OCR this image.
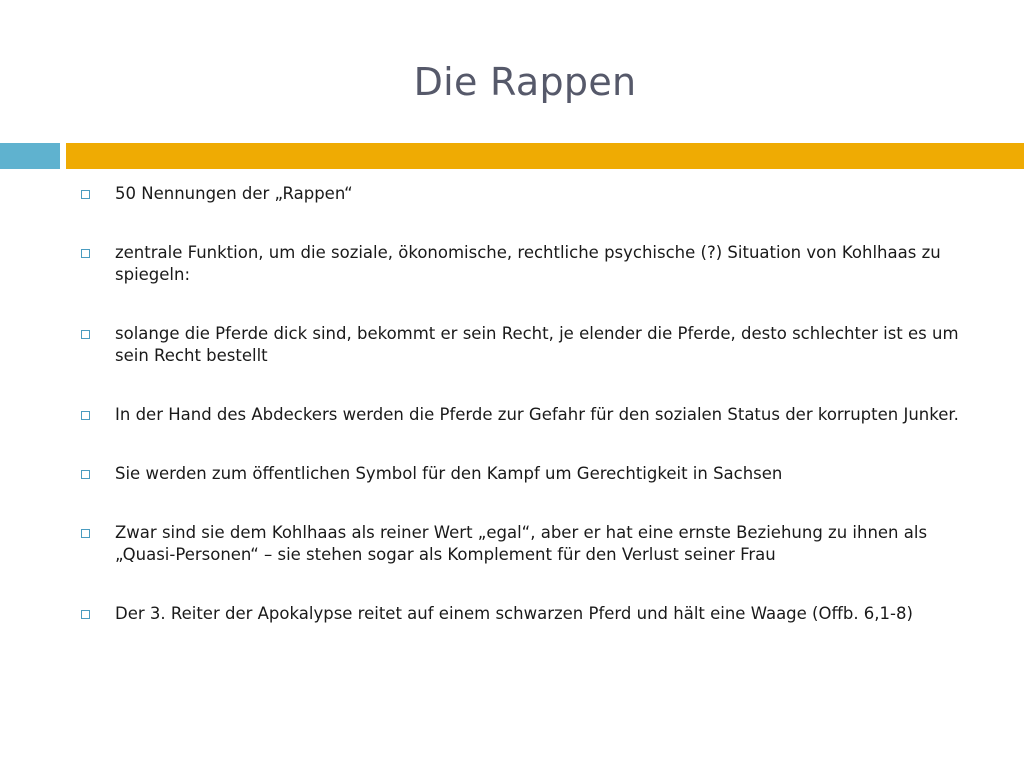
Die Rappen
50 Nennungen der „Rappen“
zentrale Funktion, um die soziale, ökonomische, rechtliche psychische (?) Situation von Kohlhaas zu spiegeln:
solange die Pferde dick sind, bekommt er sein Recht, je elender die Pferde, desto schlechter ist es um sein Recht bestellt
In der Hand des Abdeckers werden die Pferde zur Gefahr für den sozialen Status der korrupten Junker.
Sie werden zum öffentlichen Symbol für den Kampf um Gerechtigkeit in Sachsen
Zwar sind sie dem Kohlhaas als reiner Wert „egal“, aber er hat eine ernste Beziehung zu ihnen als „Quasi-Personen“ – sie stehen sogar als Komplement für den Verlust seiner Frau
Der 3. Reiter der Apokalypse reitet auf einem schwarzen Pferd und hält eine Waage (Offb. 6,1-8)
